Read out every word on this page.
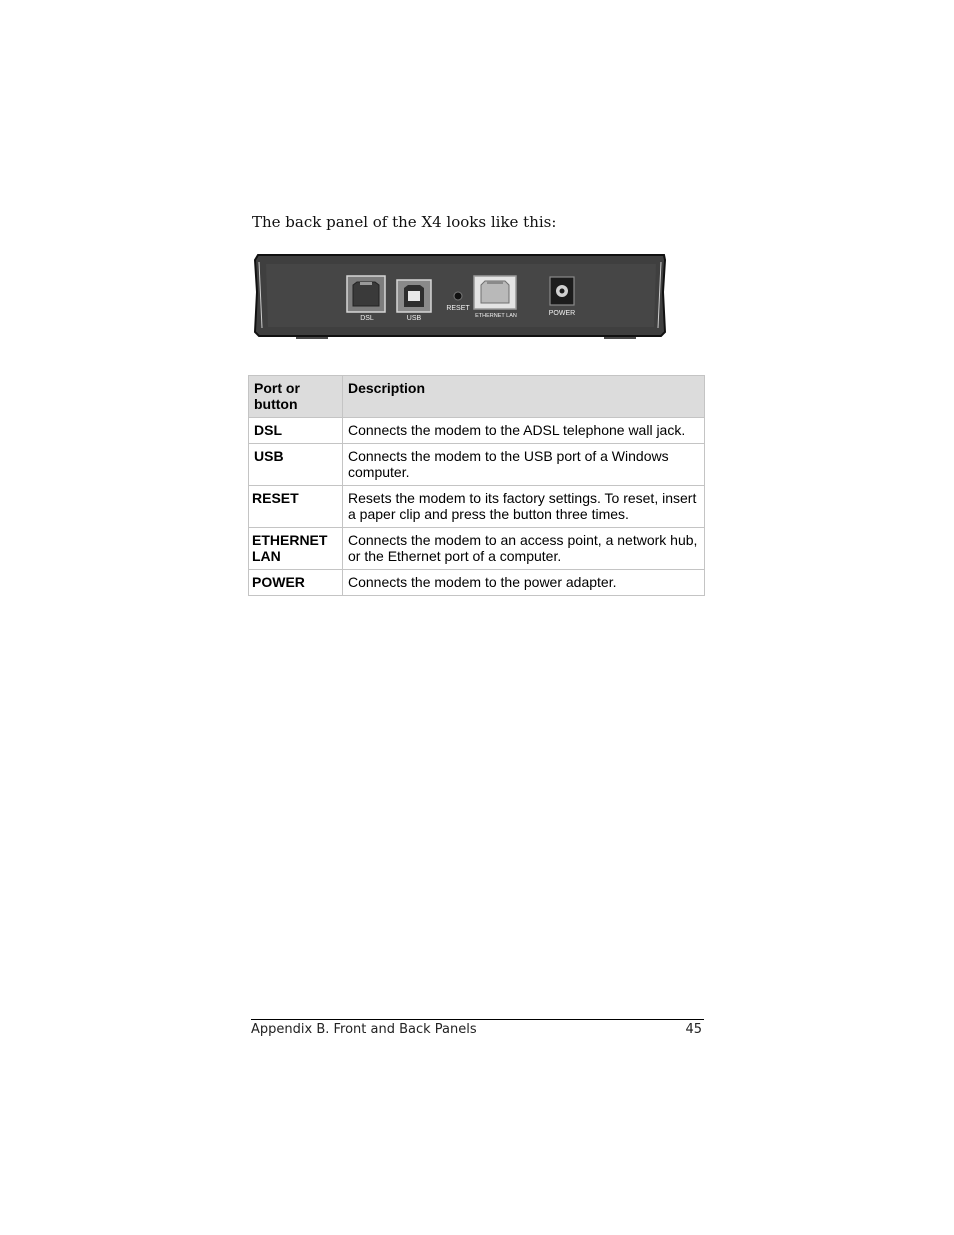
The back panel of the X4 looks like this:
DSL	USB
RESET
ETHERNET LAN	POWER
Port or button	Description
DSL	Connects the modem to the ADSL telephone wall jack.
USB	Connects the modem to the USB port of a Windows computer.
RESET	Resets the modem to its factory settings. To reset, insert a paper clip and press the button three times.
ETHERNET LAN	Connects the modem to an access point, a network hub, or the Ethernet port of a computer.
POWER	Connects the modem to the power adapter.
Appendix B. Front and Back Panels	45
